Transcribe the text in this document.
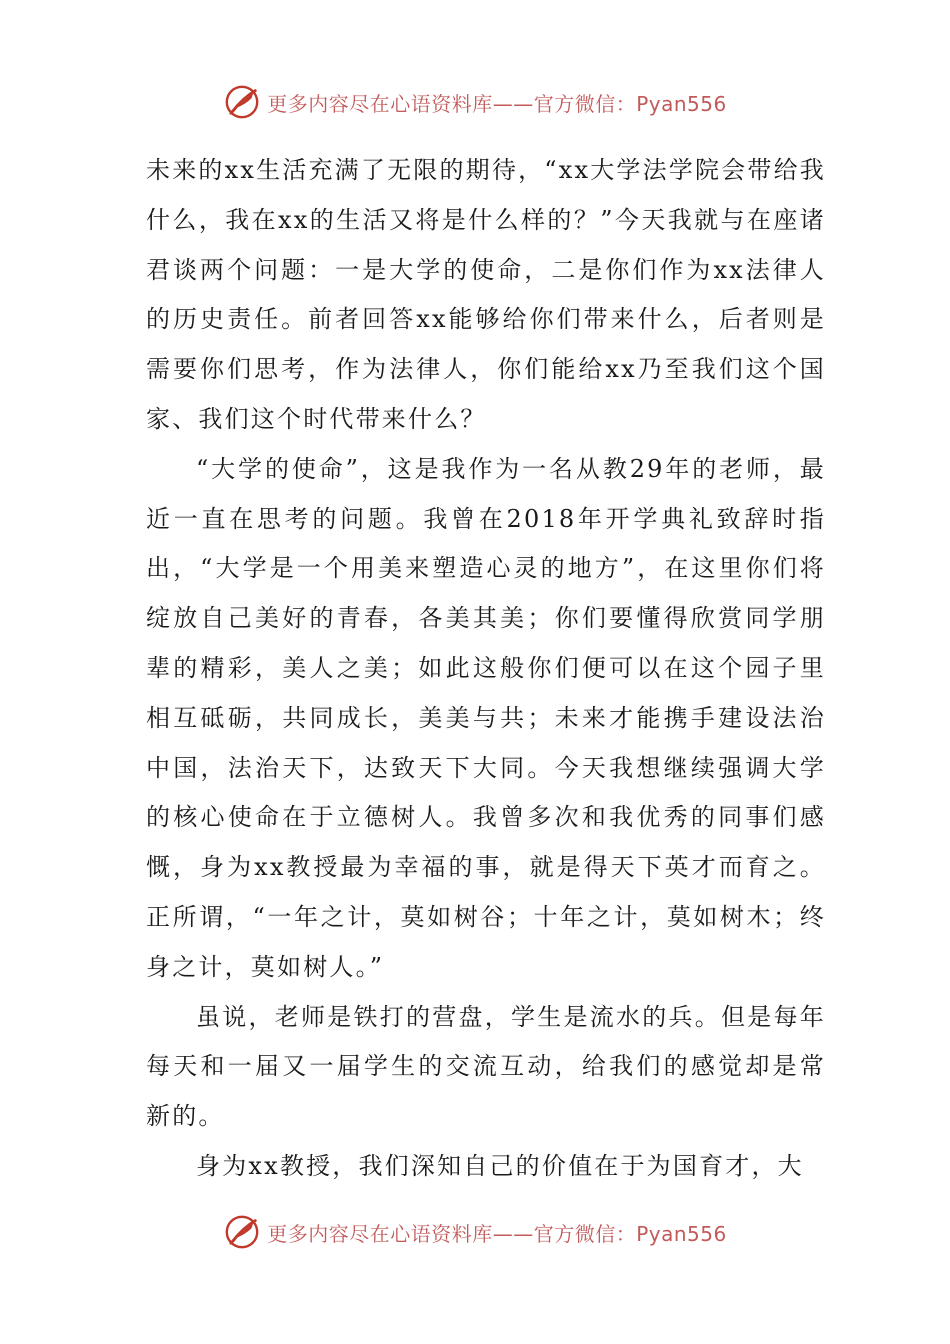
更多内容尽在心语资料库——官方微信：Pyan556

未来的xx生活充满了无限的期待，“xx大学法学院会带给我什么，我在xx的生活又将是什么样的？”今天我就与在座诸君谈两个问题：一是大学的使命，二是你们作为xx法律人的历史责任。前者回答xx能够给你们带来什么，后者则是需要你们思考，作为法律人，你们能给xx乃至我们这个国家、我们这个时代带来什么？

“大学的使命”，这是我作为一名从教29年的老师，最近一直在思考的问题。我曾在2018年开学典礼致辞时指出，“大学是一个用美来塑造心灵的地方”，在这里你们将绽放自己美好的青春，各美其美；你们要懂得欣赏同学朋辈的精彩，美人之美；如此这般你们便可以在这个园子里相互砥砺，共同成长，美美与共；未来才能携手建设法治中国，法治天下，达致天下大同。今天我想继续强调大学的核心使命在于立德树人。我曾多次和我优秀的同事们感慨，身为xx教授最为幸福的事，就是得天下英才而育之。正所谓，“一年之计，莫如树谷；十年之计，莫如树木；终身之计，莫如树人。”

虽说，老师是铁打的营盘，学生是流水的兵。但是每年每天和一届又一届学生的交流互动，给我们的感觉却是常新的。

身为xx教授，我们深知自己的价值在于为国育才，大

更多内容尽在心语资料库——官方微信：Pyan556
